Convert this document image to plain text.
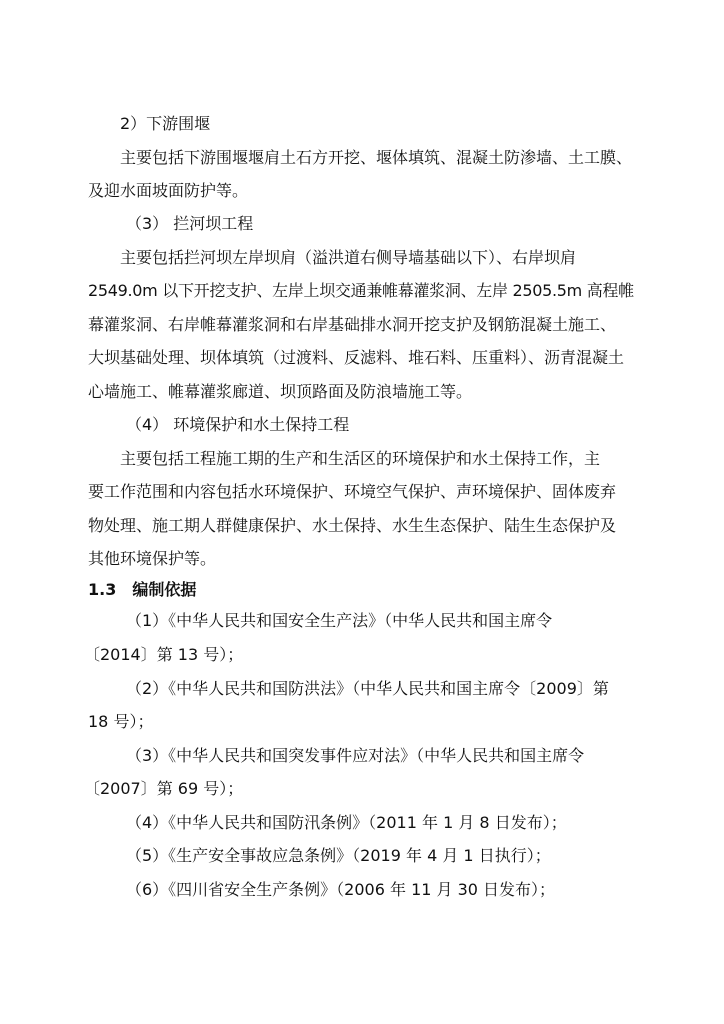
2）下游围堰
主要包括下游围堰堰肩土石方开挖、堰体填筑、混凝土防渗墙、土工膜、
及迎水面坡面防护等。
（3） 拦河坝工程
主要包括拦河坝左岸坝肩（溢洪道右侧导墙基础以下）、右岸坝肩
2549.0m 以下开挖支护、左岸上坝交通兼帷幕灌浆洞、左岸 2505.5m 高程帷
幕灌浆洞、右岸帷幕灌浆洞和右岸基础排水洞开挖支护及钢筋混凝土施工、
大坝基础处理、坝体填筑（过渡料、反滤料、堆石料、压重料）、沥青混凝土
心墙施工、帷幕灌浆廊道、坝顶路面及防浪墙施工等。
（4） 环境保护和水土保持工程
主要包括工程施工期的生产和生活区的环境保护和水土保持工作，主
要工作范围和内容包括水环境保护、环境空气保护、声环境保护、固体废弃
物处理、施工期人群健康保护、水土保持、水生生态保护、陆生生态保护及
其他环境保护等。
1.3　编制依据
（1）《中华人民共和国安全生产法》（中华人民共和国主席令
〔2014〕第 13 号）；
（2）《中华人民共和国防洪法》（中华人民共和国主席令〔2009〕第
18 号）；
（3）《中华人民共和国突发事件应对法》（中华人民共和国主席令
〔2007〕第 69 号）；
（4）《中华人民共和国防汛条例》（2011 年 1 月 8 日发布）；
（5）《生产安全事故应急条例》（2019 年 4 月 1 日执行）；
（6）《四川省安全生产条例》（2006 年 11 月 30 日发布）；
